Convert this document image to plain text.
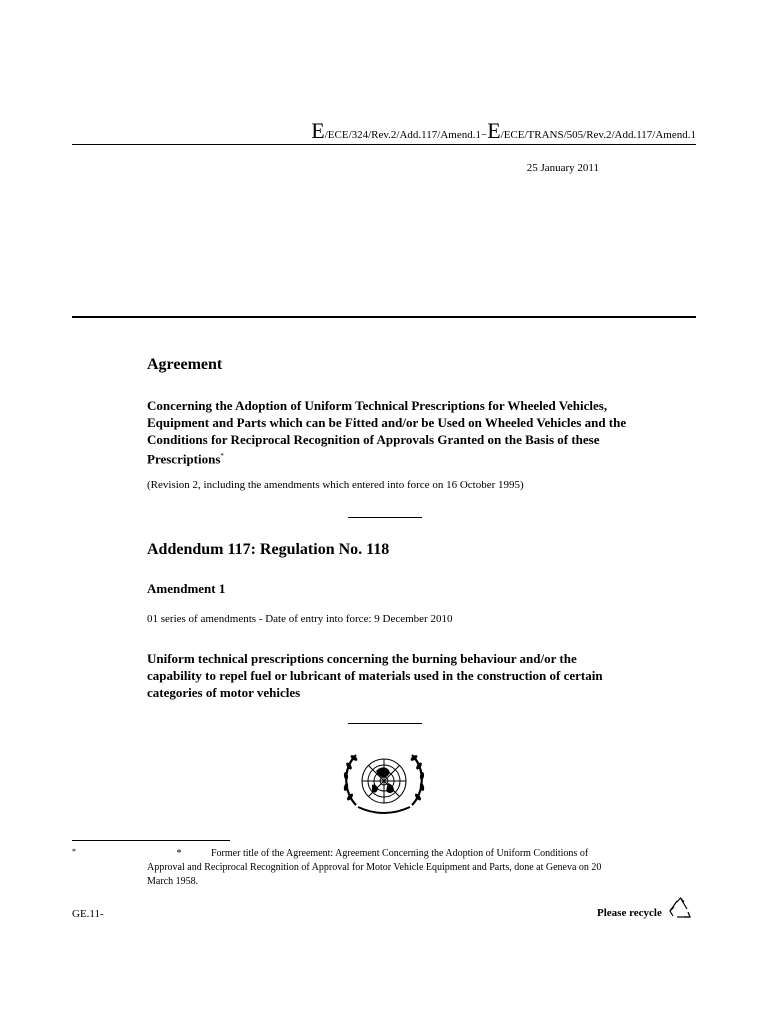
E/ECE/324/Rev.2/Add.117/Amend.1−E/ECE/TRANS/505/Rev.2/Add.117/Amend.1
25 January 2011
Agreement
Concerning the Adoption of Uniform Technical Prescriptions for Wheeled Vehicles, Equipment and Parts which can be Fitted and/or be Used on Wheeled Vehicles and the Conditions for Reciprocal Recognition of Approvals Granted on the Basis of these Prescriptions*
(Revision 2, including the amendments which entered into force on 16 October 1995)
Addendum 117: Regulation No. 118
Amendment 1
01 series of amendments - Date of entry into force: 9 December 2010
Uniform technical prescriptions concerning the burning behaviour and/or the capability to repel fuel or lubricant of materials used in the construction of certain categories of motor vehicles
*	*	Former title of the Agreement: Agreement Concerning the Adoption of Uniform Conditions of Approval and Reciprocal Recognition of Approval for Motor Vehicle Equipment and Parts, done at Geneva on 20 March 1958.
GE.11-	Please recycle
